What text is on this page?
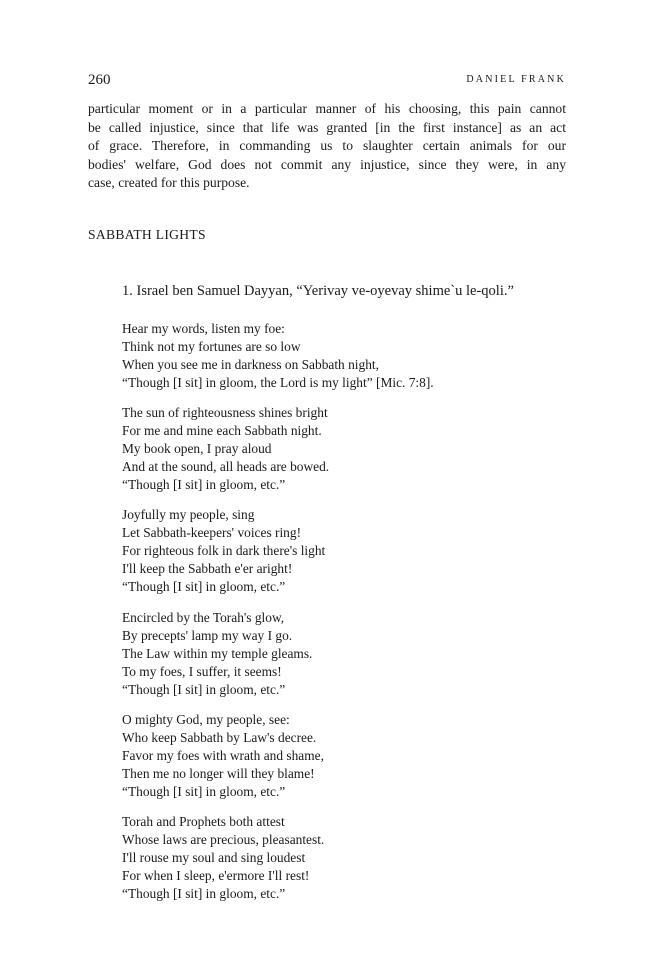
260	DANIEL FRANK
particular moment or in a particular manner of his choosing, this pain cannot
be called injustice, since that life was granted [in the first instance] as an act
of grace. Therefore, in commanding us to slaughter certain animals for our
bodies' welfare, God does not commit any injustice, since they were, in any
case, created for this purpose.
SABBATH LIGHTS
1. Israel ben Samuel Dayyan, “Yerivay ve-oyevay shime`u le-qoli.”
Hear my words, listen my foe:
Think not my fortunes are so low
When you see me in darkness on Sabbath night,
“Though [I sit] in gloom, the Lord is my light” [Mic. 7:8].
The sun of righteousness shines bright
For me and mine each Sabbath night.
My book open, I pray aloud
And at the sound, all heads are bowed.
“Though [I sit] in gloom, etc.”
Joyfully my people, sing
Let Sabbath-keepers' voices ring!
For righteous folk in dark there's light
I'll keep the Sabbath e'er aright!
“Though [I sit] in gloom, etc.”
Encircled by the Torah's glow,
By precepts' lamp my way I go.
The Law within my temple gleams.
To my foes, I suffer, it seems!
“Though [I sit] in gloom, etc.”
O mighty God, my people, see:
Who keep Sabbath by Law's decree.
Favor my foes with wrath and shame,
Then me no longer will they blame!
“Though [I sit] in gloom, etc.”
Torah and Prophets both attest
Whose laws are precious, pleasantest.
I'll rouse my soul and sing loudest
For when I sleep, e'ermore I'll rest!
“Though [I sit] in gloom, etc.”
